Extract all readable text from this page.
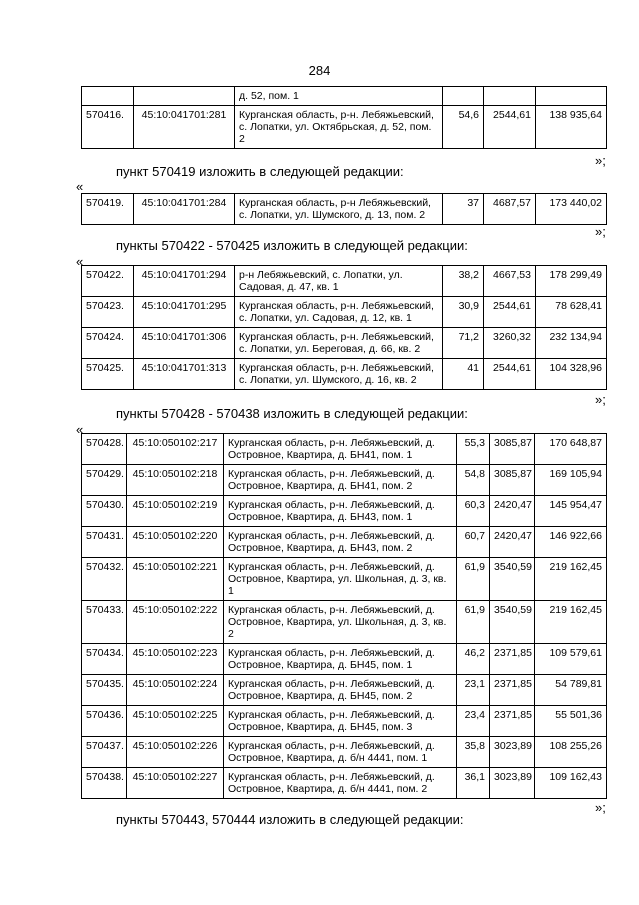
284
		д. 52, пом. 1			
570416.	45:10:041701:281	Курганская область, р-н. Лебяжьевский, с. Лопатки, ул. Октябрьская, д. 52, пом. 2	54,6	2544,61	138 935,64
»;
пункт 570419 изложить в следующей редакции:
«
570419.	45:10:041701:284	Курганская область, р-н Лебяжьевский, с. Лопатки, ул. Шумского, д. 13, пом. 2	37	4687,57	173 440,02
»;
пункты 570422 - 570425 изложить в следующей редакции:
«
570422.	45:10:041701:294	р-н Лебяжьевский, с. Лопатки, ул. Садовая, д. 47, кв. 1	38,2	4667,53	178 299,49
570423.	45:10:041701:295	Курганская область, р-н. Лебяжьевский, с. Лопатки, ул. Садовая, д. 12, кв. 1	30,9	2544,61	78 628,41
570424.	45:10:041701:306	Курганская область, р-н. Лебяжьевский, с. Лопатки, ул. Береговая, д. 66, кв. 2	71,2	3260,32	232 134,94
570425.	45:10:041701:313	Курганская область, р-н. Лебяжьевский, с. Лопатки, ул. Шумского, д. 16, кв. 2	41	2544,61	104 328,96
»;
пункты 570428 - 570438 изложить в следующей редакции:
«
570428.	45:10:050102:217	Курганская область, р-н. Лебяжьевский, д. Островное, Квартира, д. БН41, пом. 1	55,3	3085,87	170 648,87
570429.	45:10:050102:218	Курганская область, р-н. Лебяжьевский, д. Островное, Квартира, д. БН41, пом. 2	54,8	3085,87	169 105,94
570430.	45:10:050102:219	Курганская область, р-н. Лебяжьевский, д. Островное, Квартира, д. БН43, пом. 1	60,3	2420,47	145 954,47
570431.	45:10:050102:220	Курганская область, р-н. Лебяжьевский, д. Островное, Квартира, д. БН43, пом. 2	60,7	2420,47	146 922,66
570432.	45:10:050102:221	Курганская область, р-н. Лебяжьевский, д. Островное, Квартира, ул. Школьная, д. 3, кв. 1	61,9	3540,59	219 162,45
570433.	45:10:050102:222	Курганская область, р-н. Лебяжьевский, д. Островное, Квартира, ул. Школьная, д. 3, кв. 2	61,9	3540,59	219 162,45
570434.	45:10:050102:223	Курганская область, р-н. Лебяжьевский, д. Островное, Квартира, д. БН45, пом. 1	46,2	2371,85	109 579,61
570435.	45:10:050102:224	Курганская область, р-н. Лебяжьевский, д. Островное, Квартира, д. БН45, пом. 2	23,1	2371,85	54 789,81
570436.	45:10:050102:225	Курганская область, р-н. Лебяжьевский, д. Островное, Квартира, д. БН45, пом. 3	23,4	2371,85	55 501,36
570437.	45:10:050102:226	Курганская область, р-н. Лебяжьевский, д. Островное, Квартира, д. б/н 4441, пом. 1	35,8	3023,89	108 255,26
570438.	45:10:050102:227	Курганская область, р-н. Лебяжьевский, д. Островное, Квартира, д. б/н 4441, пом. 2	36,1	3023,89	109 162,43
»;
пункты 570443, 570444 изложить в следующей редакции:
